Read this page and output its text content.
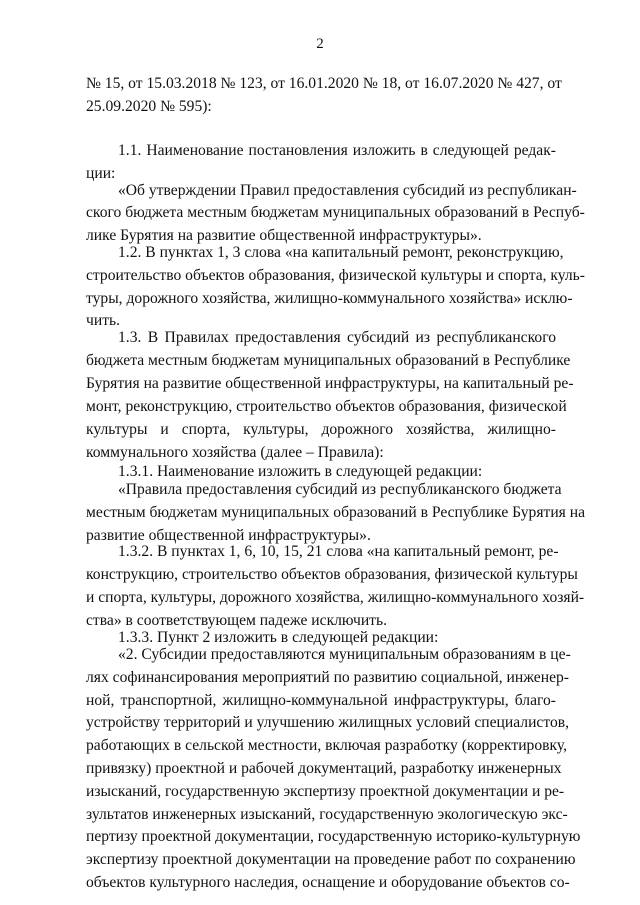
2
№ 15, от 15.03.2018 № 123, от 16.01.2020 № 18, от 16.07.2020 № 427, от
25.09.2020 № 595):
1.1. Наименование постановления изложить в следующей редак-
ции:
«Об утверждении Правил предоставления субсидий из республикан-
ского бюджета местным бюджетам муниципальных образований в Респуб-
лике Бурятия на развитие общественной инфраструктуры».
1.2. В пунктах 1, 3 слова «на капитальный ремонт, реконструкцию,
строительство объектов образования, физической культуры и спорта, куль-
туры, дорожного хозяйства, жилищно-коммунального хозяйства» исклю-
чить.
1.3. В Правилах предоставления субсидий из республиканского
бюджета местным бюджетам муниципальных образований в Республике
Бурятия на развитие общественной инфраструктуры, на капитальный ре-
монт, реконструкцию, строительство объектов образования, физической
культуры и спорта, культуры, дорожного хозяйства, жилищно-
коммунального хозяйства (далее – Правила):
1.3.1. Наименование изложить в следующей редакции:
«Правила предоставления субсидий из республиканского бюджета
местным бюджетам муниципальных образований в Республике Бурятия на
развитие общественной инфраструктуры».
1.3.2. В пунктах 1, 6, 10, 15, 21 слова «на капитальный ремонт, ре-
конструкцию, строительство объектов образования, физической культуры
и спорта, культуры, дорожного хозяйства, жилищно-коммунального хозяй-
ства» в соответствующем падеже исключить.
1.3.3. Пункт 2 изложить в следующей редакции:
«2. Субсидии предоставляются муниципальным образованиям в це-
лях софинансирования мероприятий по развитию социальной, инженер-
ной, транспортной, жилищно-коммунальной инфраструктуры, благо-
устройству территорий и улучшению жилищных условий специалистов,
работающих в сельской местности, включая разработку (корректировку,
привязку) проектной и рабочей документаций, разработку инженерных
изысканий, государственную экспертизу проектной документации и ре-
зультатов инженерных изысканий, государственную экологическую экс-
пертизу проектной документации, государственную историко-культурную
экспертизу проектной документации на проведение работ по сохранению
объектов культурного наследия, оснащение и оборудование объектов со-
